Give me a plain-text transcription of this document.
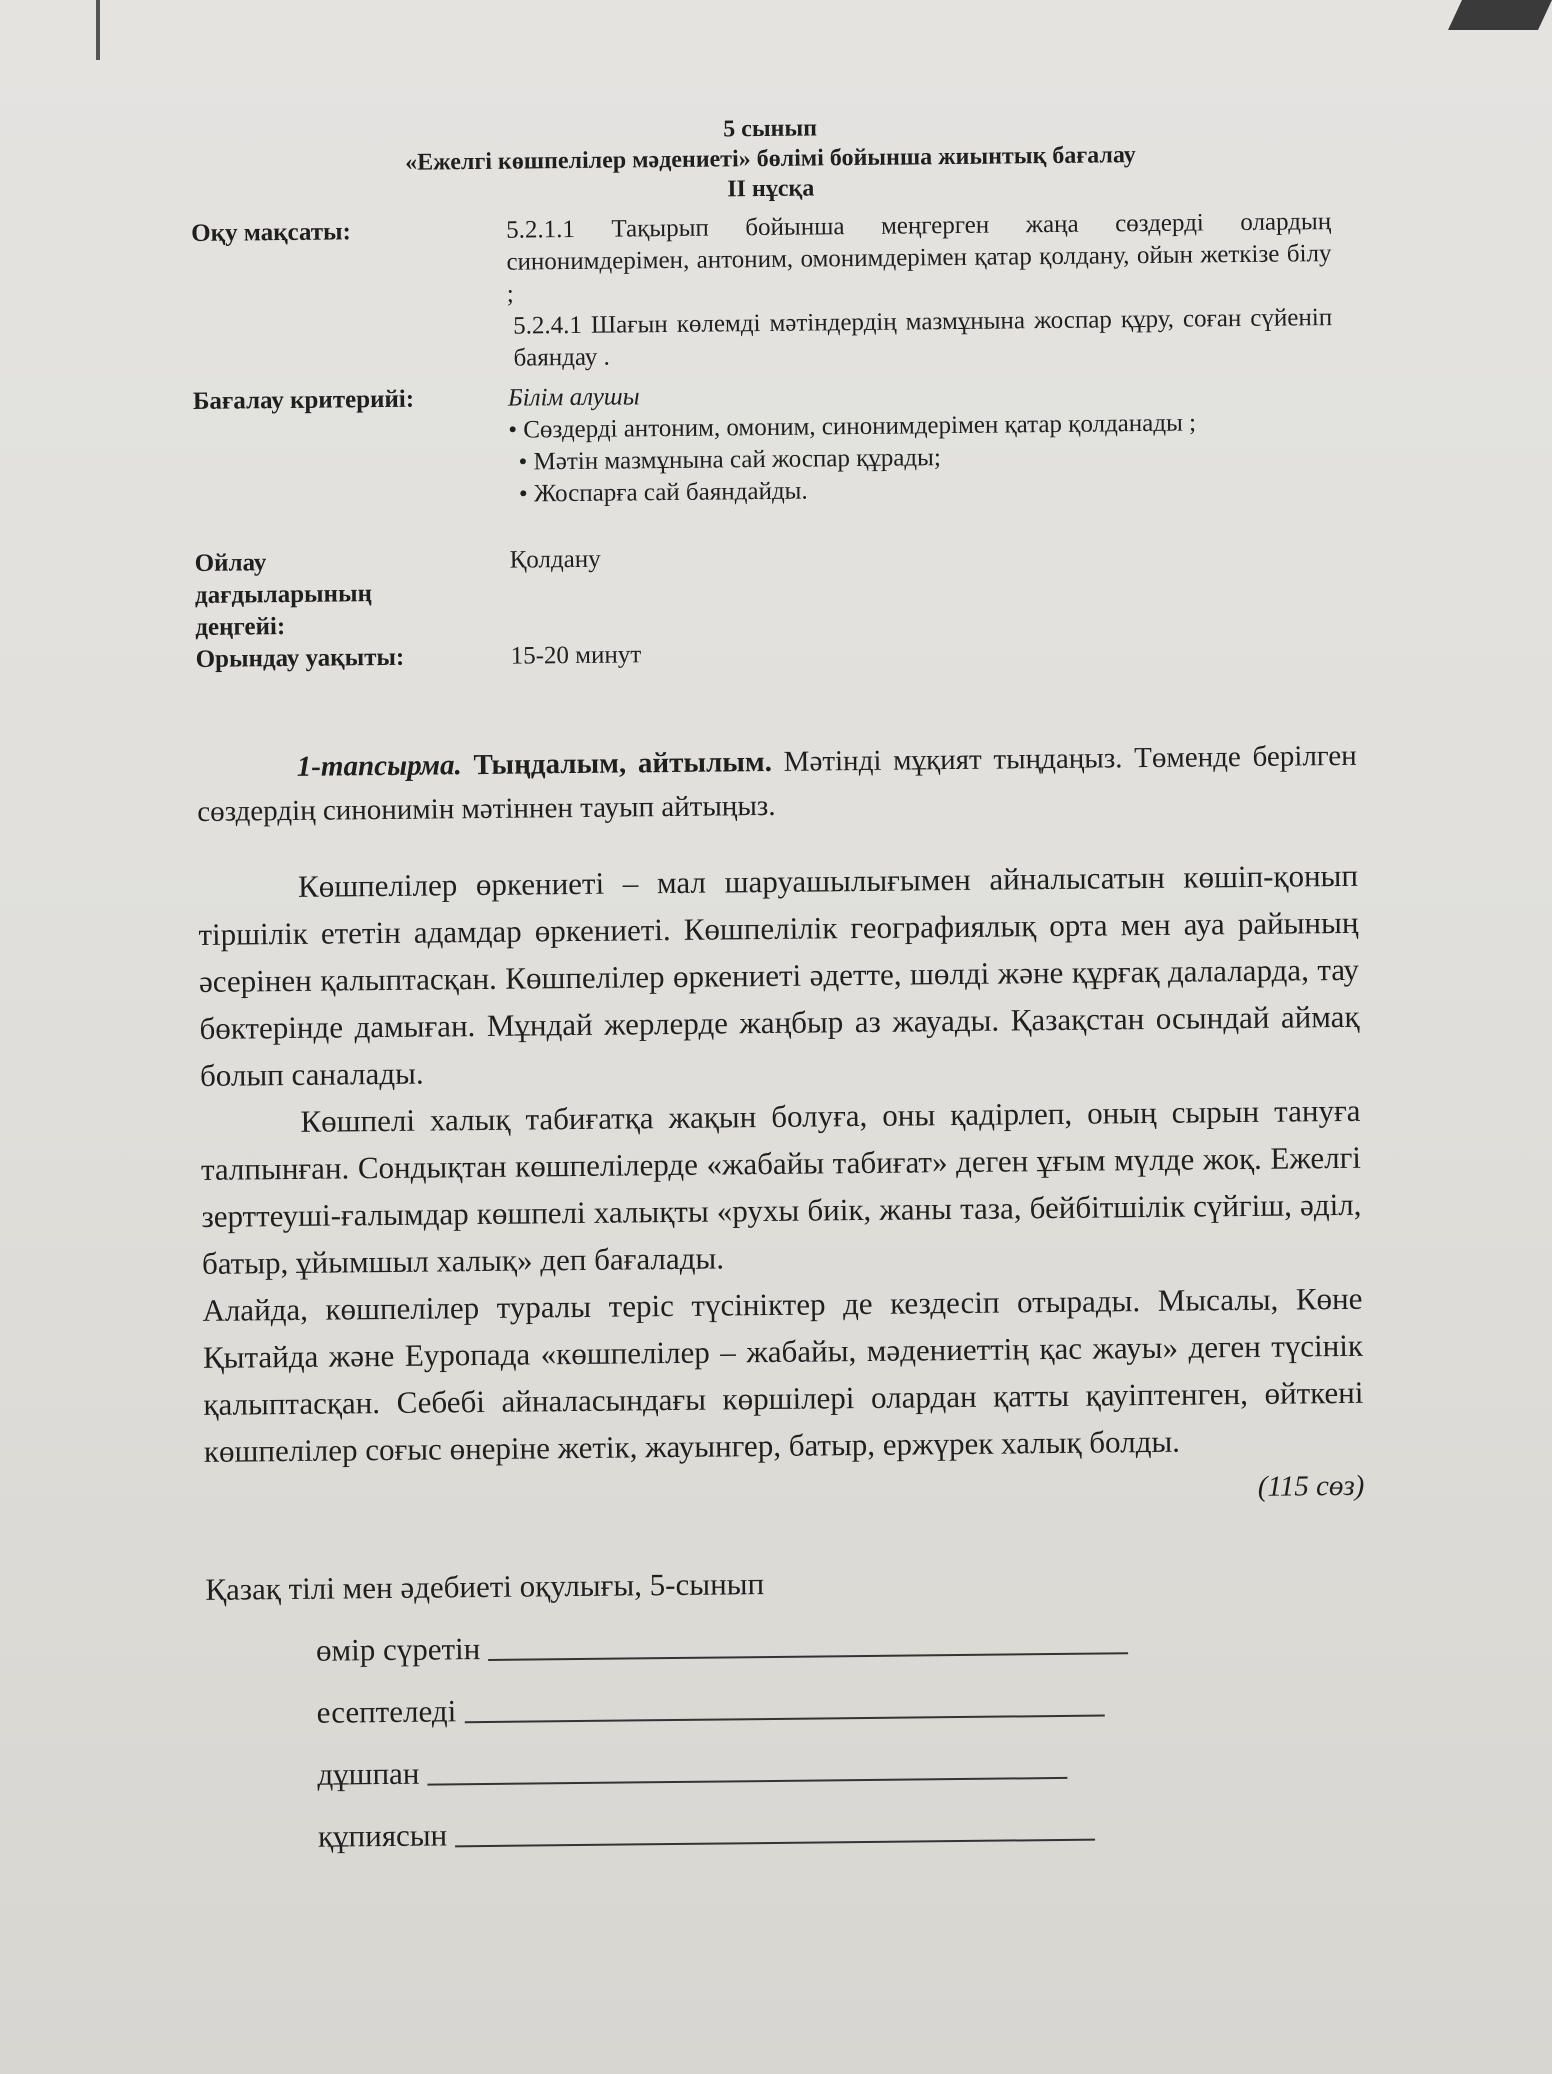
5 сынып
«Ежелгі көшпелілер мәдениеті» бөлімі бойынша жиынтық бағалау
II нұсқа
Оқу мақсаты:	5.2.1.1 Тақырып бойынша меңгерген жаңа сөздерді олардың синонимдерімен, антоним, омонимдерімен қатар қолдану, ойын жеткізе білу ;
5.2.4.1 Шағын көлемді мәтіндердің мазмұнына жоспар құру, соған сүйеніп баяндау .
Бағалау критерийі:	Білім алушы
• Сөздерді антоним, омоним, синонимдерімен қатар қолданады ;
• Мәтін мазмұнына сай жоспар құрады;
• Жоспарға сай баяндайды.
Ойлау дағдыларының деңгейі:
Қолдану
Орындау уақыты:	15-20 минут
1-тапсырма. Тыңдалым, айтылым. Мәтінді мұқият тыңдаңыз. Төменде берілген сөздердің синонимін мәтіннен тауып айтыңыз.

Көшпелілер өркениеті – мал шаруашылығымен айналысатын көшіп-қонып тіршілік ететін адамдар өркениеті. Көшпелілік географиялық орта мен ауа райының әсерінен қалыптасқан. Көшпелілер өркениеті әдетте, шөлді және құрғақ далаларда, тау бөктерінде дамыған. Мұндай жерлерде жаңбыр аз жауады. Қазақстан осындай аймақ болып саналады.

Көшпелі халық табиғатқа жақын болуға, оны қадірлеп, оның сырын тануға талпынған. Сондықтан көшпелілерде «жабайы табиғат» деген ұғым мүлде жоқ. Ежелгі зерттеуші-ғалымдар көшпелі халықты «рухы биік, жаны таза, бейбітшілік сүйгіш, әділ, батыр, ұйымшыл халық» деп бағалады.

Алайда, көшпелілер туралы теріс түсініктер де кездесіп отырады. Мысалы, Көне Қытайда және Еуропада «көшпелілер – жабайы, мәдениеттің қас жауы» деген түсінік қалыптасқан. Себебі айналасындағы көршілері олардан қатты қауіптенген, өйткені көшпелілер соғыс өнеріне жетік, жауынгер, батыр, ержүрек халық болды.

(115 сөз)
Қазақ тілі мен әдебиеті оқулығы, 5-сынып
өмір сүретін
есептеледі
дұшпан
құпиясын
